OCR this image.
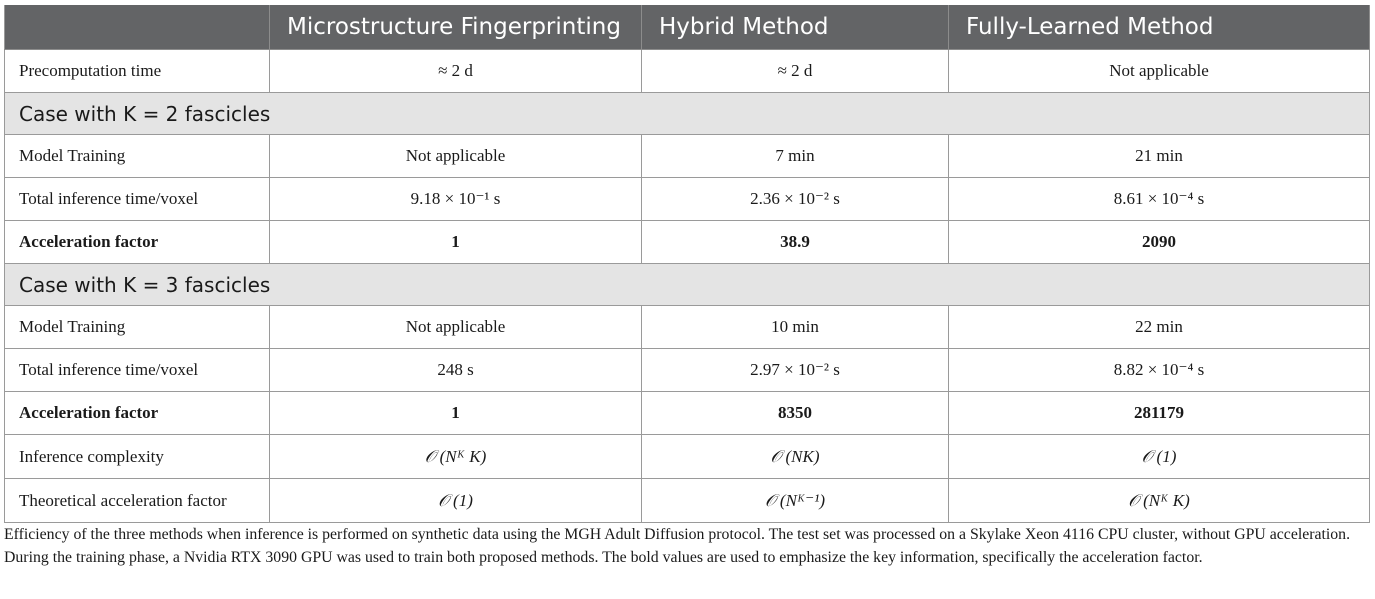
	Microstructure Fingerprinting	Hybrid Method	Fully-Learned Method
Precomputation time	≈ 2 d	≈ 2 d	Not applicable
Case with K = 2 fascicles			
Model Training	Not applicable	7 min	21 min
Total inference time/voxel	9.18 × 10⁻¹ s	2.36 × 10⁻² s	8.61 × 10⁻⁴ s
Acceleration factor	1	38.9	2090
Case with K = 3 fascicles			
Model Training	Not applicable	10 min	22 min
Total inference time/voxel	248 s	2.97 × 10⁻² s	8.82 × 10⁻⁴ s
Acceleration factor	1	8350	281179
Inference complexity	𝒪 (Nᴷ K)	𝒪 (NK)	𝒪 (1)
Theoretical acceleration factor	𝒪 (1)	𝒪 (Nᴷ⁻¹)	𝒪 (Nᴷ K)

Efficiency of the three methods when inference is performed on synthetic data using the MGH Adult Diffusion protocol. The test set was processed on a Skylake Xeon 4116 CPU cluster, without GPU acceleration. During the training phase, a Nvidia RTX 3090 GPU was used to train both proposed methods. The bold values are used to emphasize the key information, specifically the acceleration factor.
